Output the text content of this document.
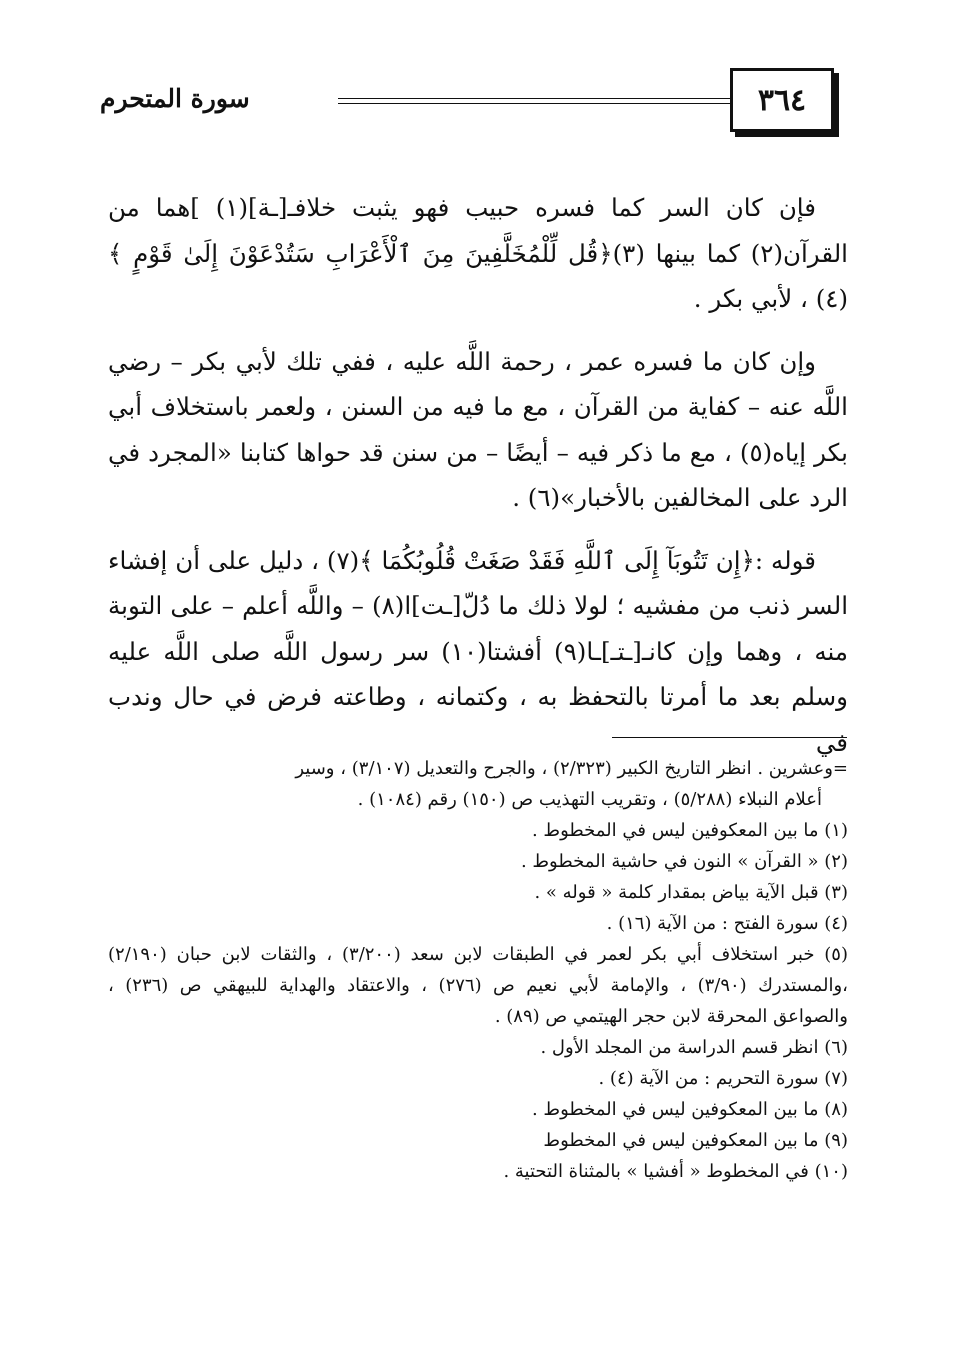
٣٦٤
سورة المتحرم

فإن كان السر كما فسره حبيب فهو يثبت خلافـ[ـة](١) ]هما من القرآن(٢) كما بينها (٣)﴿قُل لِّلْمُخَلَّفِينَ مِنَ ٱلْأَعْرَابِ سَتُدْعَوْنَ إِلَىٰ قَوْمٍ ﴾(٤) ، لأبي بكر .

وإن كان ما فسره عمر ، رحمة اللَّه عليه ، ففي تلك لأبي بكر – رضي اللَّه عنه – كفاية من القرآن ، مع ما فيه من السنن ، ولعمر باستخلاف أبي بكر إياه(٥) ، مع ما ذكر فيه – أيضًا – من سنن قد حواها كتابنا «المجرد في الرد على المخالفين بالأخبار»(٦) .

قوله :﴿إِن تَتُوبَآ إِلَى ٱللَّهِ فَقَدْ صَغَتْ قُلُوبُكُمَا ﴾(٧) ، دليل على أن إفشاء السر ذنب من مفشيه ؛ لولا ذلك ما دُلّ[ـت]ا(٨) – واللَّه أعلم – على التوبة منه ، وهما وإن كانـ[ـتـ]ـا(٩) أفشتا(١٠) سر رسول اللَّه صلى اللَّه عليه وسلم بعد ما أمرتا بالتحفظ به ، وكتمانه ، وطاعته فرض في حال وندب في

=وعشرين . انظر التاريخ الكبير (٢/٣٢٣) ، والجرح والتعديل (٣/١٠٧) ، وسير

أعلام النبلاء (٥/٢٨٨) ، وتقريب التهذيب ص (١٥٠) رقم (١٠٨٤) .

(١) ما بين المعكوفين ليس في المخطوط .

(٢) « القرآن » النون في حاشية المخطوط .

(٣) قبل الآية بياض بمقدار كلمة « قوله » .

(٤) سورة الفتح : من الآية (١٦) .

(٥) خبر استخلاف أبي بكر لعمر في الطبقات لابن سعد (٣/٢٠٠) ، والثقات لابن حبان (٢/١٩٠) ،والمستدرك (٣/٩٠) ، والإمامة لأبي نعيم ص (٢٧٦) ، والاعتقاد والهداية للبيهقي ص (٢٣٦) ، والصواعق المحرقة لابن حجر الهيتمي ص (٨٩) .

(٦) انظر قسم الدراسة من المجلد الأول .

(٧) سورة التحريم : من الآية (٤) .

(٨) ما بين المعكوفين ليس في المخطوط .

(٩) ما بين المعكوفين ليس في المخطوط

(١٠) في المخطوط « أفشيا » بالمثناة التحتية .
